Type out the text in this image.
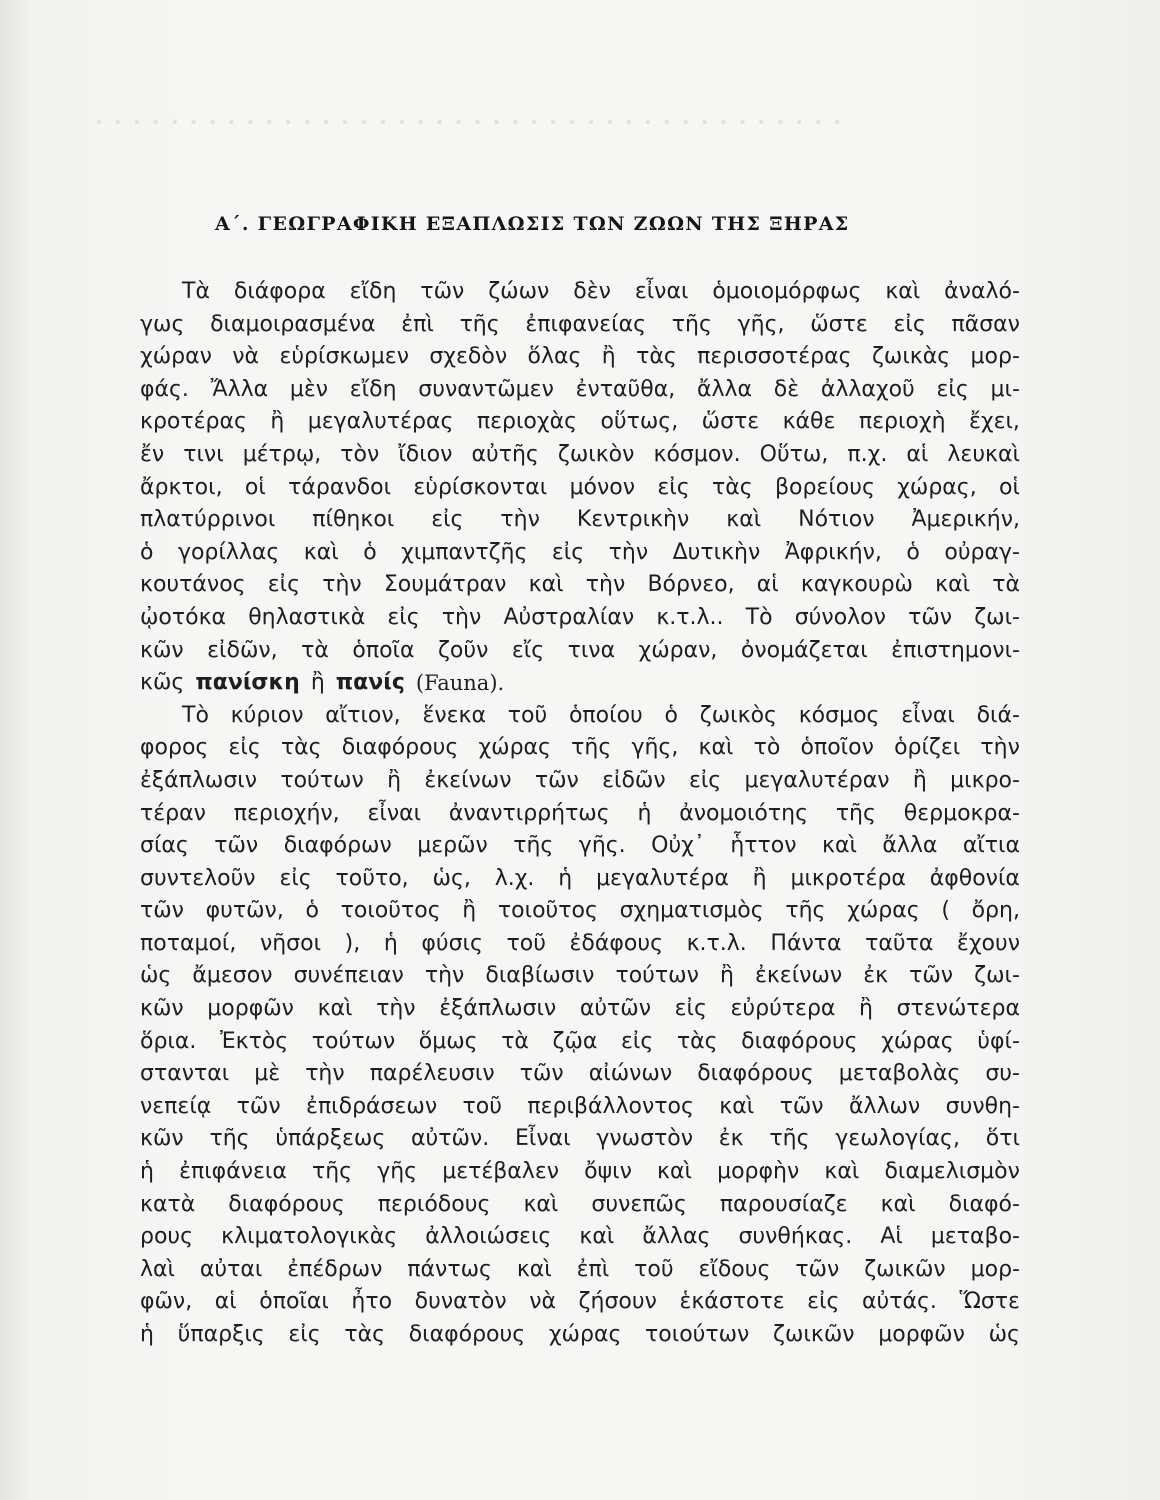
∙ ∙ ∙ ∙ ∙ ∙ ∙ ∙ ∙ ∙ ∙ ∙ ∙ ∙ ∙ ∙ ∙ ∙ ∙ ∙ ∙ ∙ ∙ ∙ ∙ ∙ ∙ ∙ ∙ ∙ ∙ ∙ ∙ ∙ ∙ ∙ ∙ ∙ ∙ ∙
Α΄. ΓΕΩΓΡΑΦΙΚΗ ΕΞΑΠΛΩΣΙΣ ΤΩΝ ΖΩΩΝ ΤΗΣ ΞΗΡΑΣ
Τὰ διάφορα εἴδη τῶν ζώων δὲν εἶναι ὁμοιομόρφως καὶ ἀναλό-
γως διαμοιρασμένα ἐπὶ τῆς ἐπιφανείας τῆς γῆς, ὥστε εἰς πᾶσαν
χώραν νὰ εὑρίσκωμεν σχεδὸν ὅλας ἢ τὰς περισσοτέρας ζωικὰς μορ-
φάς. Ἄλλα μὲν εἴδη συναντῶμεν ἐνταῦθα, ἄλλα δὲ ἀλλαχοῦ εἰς μι-
κροτέρας ἢ μεγαλυτέρας περιοχὰς οὕτως, ὥστε κάθε περιοχὴ ἔχει,
ἔν τινι μέτρῳ, τὸν ἴδιον αὐτῆς ζωικὸν κόσμον. Οὕτω, π.χ. αἱ λευκαὶ
ἄρκτοι, οἱ τάρανδοι εὑρίσκονται μόνον εἰς τὰς βορείους χώρας, οἱ
πλατύρρινοι πίθηκοι εἰς τὴν Κεντρικὴν καὶ Νότιον Ἀμερικήν,
ὁ γορίλλας καὶ ὁ χιμπαντζῆς εἰς τὴν Δυτικὴν Ἀφρικήν, ὁ οὐραγ-
κουτάνος εἰς τὴν Σουμάτραν καὶ τὴν Βόρνεο, αἱ καγκουρὼ καὶ τὰ
ᾠοτόκα θηλαστικὰ εἰς τὴν Αὐστραλίαν κ.τ.λ.. Τὸ σύνολον τῶν ζωι-
κῶν εἰδῶν, τὰ ὁποῖα ζοῦν εἴς τινα χώραν, ὀνομάζεται ἐπιστημονι-
κῶς πανίσκη ἢ πανίς (Fauna).
Τὸ κύριον αἴτιον, ἕνεκα τοῦ ὁποίου ὁ ζωικὸς κόσμος εἶναι διά-
φορος εἰς τὰς διαφόρους χώρας τῆς γῆς, καὶ τὸ ὁποῖον ὁρίζει τὴν
ἐξάπλωσιν τούτων ἢ ἐκείνων τῶν εἰδῶν εἰς μεγαλυτέραν ἢ μικρο-
τέραν περιοχήν, εἶναι ἀναντιρρήτως ἡ ἀνομοιότης τῆς θερμοκρα-
σίας τῶν διαφόρων μερῶν τῆς γῆς. Οὐχ᾽ ἧττον καὶ ἄλλα αἴτια
συντελοῦν εἰς τοῦτο, ὡς, λ.χ. ἡ μεγαλυτέρα ἢ μικροτέρα ἀφθονία
τῶν φυτῶν, ὁ τοιοῦτος ἢ τοιοῦτος σχηματισμὸς τῆς χώρας ( ὄρη,
ποταμοί, νῆσοι ), ἡ φύσις τοῦ ἐδάφους κ.τ.λ. Πάντα ταῦτα ἔχουν
ὡς ἄμεσον συνέπειαν τὴν διαβίωσιν τούτων ἢ ἐκείνων ἐκ τῶν ζωι-
κῶν μορφῶν καὶ τὴν ἐξάπλωσιν αὐτῶν εἰς εὐρύτερα ἢ στενώτερα
ὅρια. Ἐκτὸς τούτων ὅμως τὰ ζῷα εἰς τὰς διαφόρους χώρας ὑφί-
στανται μὲ τὴν παρέλευσιν τῶν αἰώνων διαφόρους μεταβολὰς συ-
νεπείᾳ τῶν ἐπιδράσεων τοῦ περιβάλλοντος καὶ τῶν ἄλλων συνθη-
κῶν τῆς ὑπάρξεως αὐτῶν. Εἶναι γνωστὸν ἐκ τῆς γεωλογίας, ὅτι
ἡ ἐπιφάνεια τῆς γῆς μετέβαλεν ὄψιν καὶ μορφὴν καὶ διαμελισμὸν
κατὰ διαφόρους περιόδους καὶ συνεπῶς παρουσίαζε καὶ διαφό-
ρους κλιματολογικὰς ἀλλοιώσεις καὶ ἄλλας συνθήκας. Αἱ μεταβο-
λαὶ αὐται ἐπέδρων πάντως καὶ ἐπὶ τοῦ εἴδους τῶν ζωικῶν μορ-
φῶν, αἱ ὁποῖαι ἦτο δυνατὸν νὰ ζήσουν ἑκάστοτε εἰς αὐτάς. Ὥστε
ἡ ὕπαρξις εἰς τὰς διαφόρους χώρας τοιούτων ζωικῶν μορφῶν ὡς
